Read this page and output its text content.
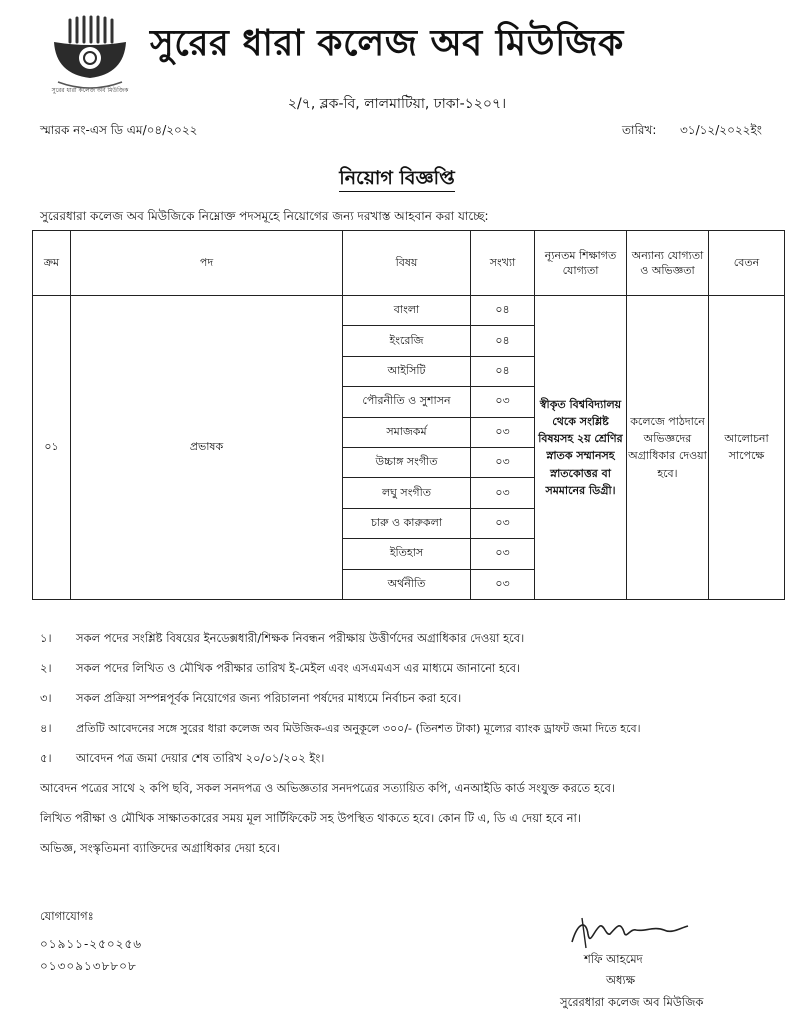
সুরের ধারা কলেজ অব মিউজিক
সুরের ধারা কলেজ অব মিউজিক
২/৭, ব্লক-বি, লালমাটিয়া, ঢাকা-১২০৭।
স্মারক নং-এস ডি এম/০৪/২০২২	তারিখ: ৩১/১২/২০২২ইং
নিয়োগ বিজ্ঞপ্তি
সুরেরধারা কলেজ অব মিউজিকে নিম্নোক্ত পদসমূহে নিয়োগের জন্য দরখাস্ত আহবান করা যাচ্ছে:
ক্রম	পদ	বিষয়	সংখ্যা	ন্যূনতম শিক্ষাগত যোগ্যতা	অন্যান্য যোগ্যতা ও অভিজ্ঞতা	বেতন
০১	প্রভাষক	বাংলা	০৪	স্বীকৃত বিশ্ববিদ্যালয় থেকে সংশ্লিষ্ট বিষয়সহ ২য় শ্রেণির স্নাতক সম্মানসহ স্নাতকোত্তর বা সমমানের ডিগ্রী।	কলেজে পাঠদানে অভিজ্ঞদের অগ্রাধিকার দেওয়া হবে।	আলোচনা সাপেক্ষে
		ইংরেজি	০৪			
		আইসিটি	০৪			
		পৌরনীতি ও সুশাসন	০৩			
		সমাজকর্ম	০৩			
		উচ্চাঙ্গ সংগীত	০৩			
		লঘু সংগীত	০৩			
		চারু ও কারুকলা	০৩			
		ইতিহাস	০৩			
		অর্থনীতি	০৩			
১।	সকল পদের সংশ্লিষ্ট বিষয়ের ইনডেক্সধারী/শিক্ষক নিবন্ধন পরীক্ষায় উত্তীর্ণদের অগ্রাধিকার দেওয়া হবে।
২।	সকল পদের লিখিত ও মৌখিক পরীক্ষার তারিখ ই-মেইল এবং এসএমএস এর মাধ্যমে জানানো হবে।
৩।	সকল প্রক্রিয়া সম্পন্নপূর্বক নিয়োগের জন্য পরিচালনা পর্ষদের মাধ্যমে নির্বাচন করা হবে।
৪।	প্রতিটি আবেদনের সঙ্গে সুরের ধারা কলেজ অব মিউজিক-এর অনুকূলে ৩০০/- (তিনশত টাকা) মূল্যের ব্যাংক ড্রাফট জমা দিতে হবে।
৫।	আবেদন পত্র জমা দেয়ার শেষ তারিখ ২০/০১/২০২ ইং।
আবেদন পত্রের সাথে ২ কপি ছবি, সকল সনদপত্র ও অভিজ্ঞতার সনদপত্রের সত্যায়িত কপি, এনআইডি কার্ড সংযুক্ত করতে হবে।
লিখিত পরীক্ষা ও মৌখিক সাক্ষাতকারের সময় মূল সার্টিফিকেট সহ উপস্থিত থাকতে হবে। কোন টি এ, ডি এ দেয়া হবে না।
অভিজ্ঞ, সংস্কৃতিমনা ব্যাক্তিদের অগ্রাধিকার দেয়া হবে।
যোগাযোগঃ
০১৯১১-২৫০২৫৬
০১৩০৯১৩৮৮০৮	শফি আহমেদ
অধ্যক্ষ
সুরেরধারা কলেজ অব মিউজিক
